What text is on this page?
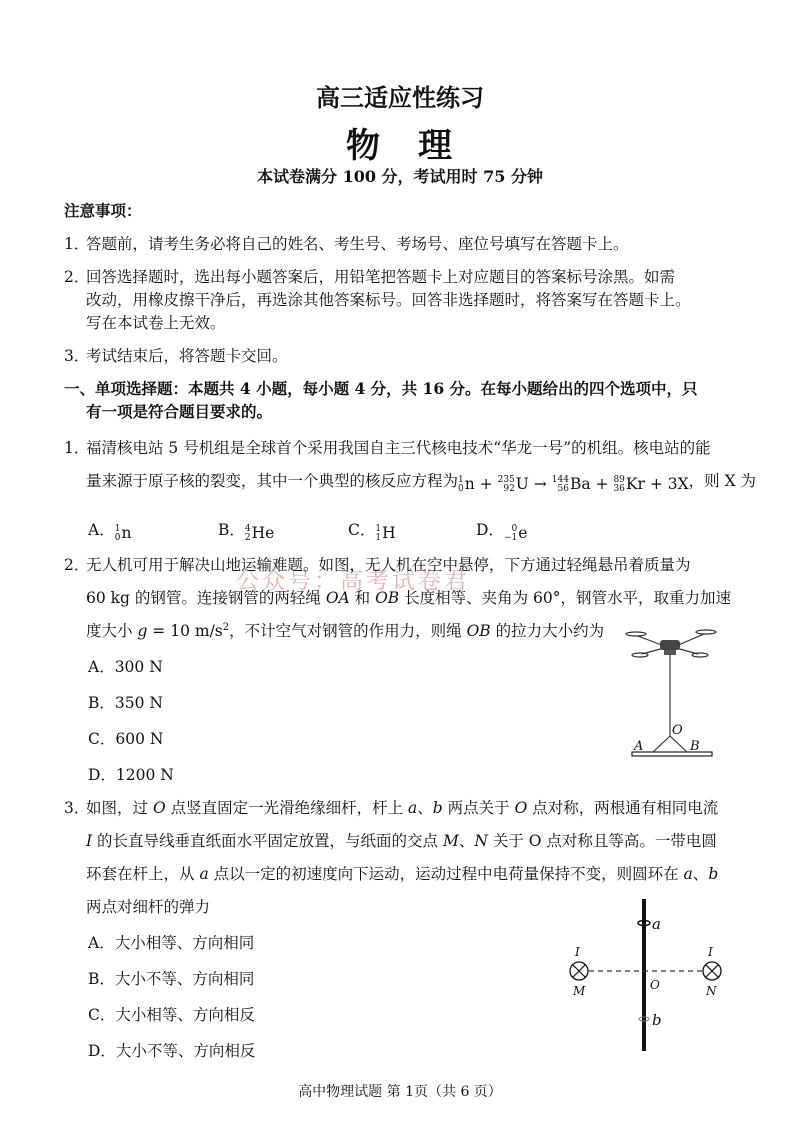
高三适应性练习
物　理
本试卷满分 100 分，考试用时 75 分钟
注意事项：
1．答题前，请考生务必将自己的姓名、考生号、考场号、座位号填写在答题卡上。
2．回答选择题时，选出每小题答案后，用铅笔把答题卡上对应题目的答案标号涂黑。如需
改动，用橡皮擦干净后，再选涂其他答案标号。回答非选择题时，将答案写在答题卡上。
写在本试卷上无效。
3．考试结束后，将答题卡交回。
一、单项选择题：本题共 4 小题，每小题 4 分，共 16 分。在每小题给出的四个选项中，只
有一项是符合题目要求的。
公众号：高考试卷君
1．福清核电站 5 号机组是全球首个采用我国自主三代核电技术“华龙一号”的机组。核电站的能
量来源于原子核的裂变，其中一个典型的核反应方程为 1
0 n + 235
92 U → 144
56 Ba + 89
36 Kr + 3X，则 X 为
A． 1
0 n	B． 4
2 He	C． 1
1 H	D． 0
−1 e
2．无人机可用于解决山地运输难题。如图，无人机在空中悬停，下方通过轻绳悬吊着质量为
60 kg 的钢管。连接钢管的两轻绳 OA 和 OB 长度相等、夹角为 60°，钢管水平，取重力加速
度大小 g = 10 $m/s^2$，不计空气对钢管的作用力，则绳 OB 的拉力大小约为
A．300 N
B．350 N
C．600 N
D．1200 N
O
A	B
3．如图，过 O 点竖直固定一光滑绝缘细杆，杆上 a、b 两点关于 O 点对称，两根通有相同电流
I 的长直导线垂直纸面水平固定放置，与纸面的交点 M、N 关于 O 点对称且等高。一带电圆
环套在杆上，从 a 点以一定的初速度向下运动，运动过程中电荷量保持不变，则圆环在 a、b
两点对细杆的弹力
A．大小相等、方向相同
B．大小不等、方向相同
C．大小相等、方向相反
D．大小不等、方向相反
a
b
O
I	I
M	N
高中物理试题 第 1页（共 6 页）
